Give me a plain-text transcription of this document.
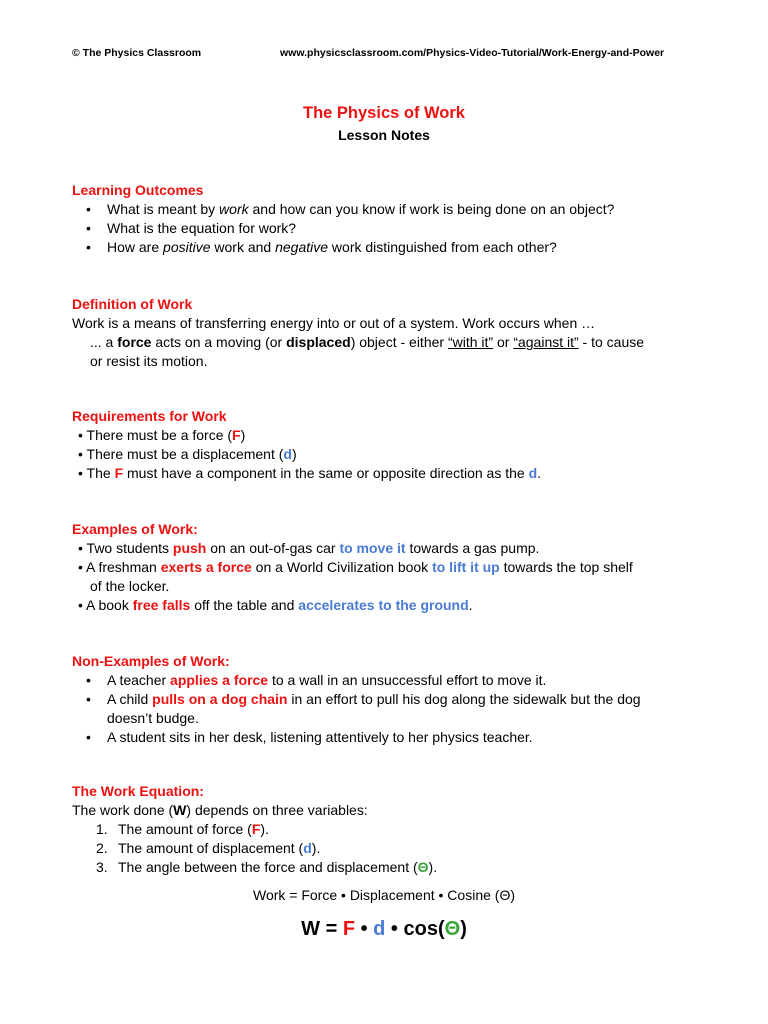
© The Physics Classroom	www.physicsclassroom.com/Physics-Video-Tutorial/Work-Energy-and-Power
The Physics of Work
Lesson Notes
Learning Outcomes
• What is meant by work and how can you know if work is being done on an object?
• What is the equation for work?
• How are positive work and negative work distinguished from each other?
Definition of Work
Work is a means of transferring energy into or out of a system. Work occurs when …
... a force acts on a moving (or displaced) object - either “with it” or “against it” - to cause
or resist its motion.
Requirements for Work
• There must be a force (F)
• There must be a displacement (d)
• The F must have a component in the same or opposite direction as the d.
Examples of Work:
• Two students push on an out-of-gas car to move it towards a gas pump.
• A freshman exerts a force on a World Civilization book to lift it up towards the top shelf
of the locker.
• A book free falls off the table and accelerates to the ground.
Non-Examples of Work:
• A teacher applies a force to a wall in an unsuccessful effort to move it.
• A child pulls on a dog chain in an effort to pull his dog along the sidewalk but the dog
doesn’t budge.
• A student sits in her desk, listening attentively to her physics teacher.
The Work Equation:
The work done (W) depends on three variables:
1. The amount of force (F).
2. The amount of displacement (d).
3. The angle between the force and displacement (Θ).
Work = Force • Displacement • Cosine (Θ)
W = F • d • cos(Θ)
